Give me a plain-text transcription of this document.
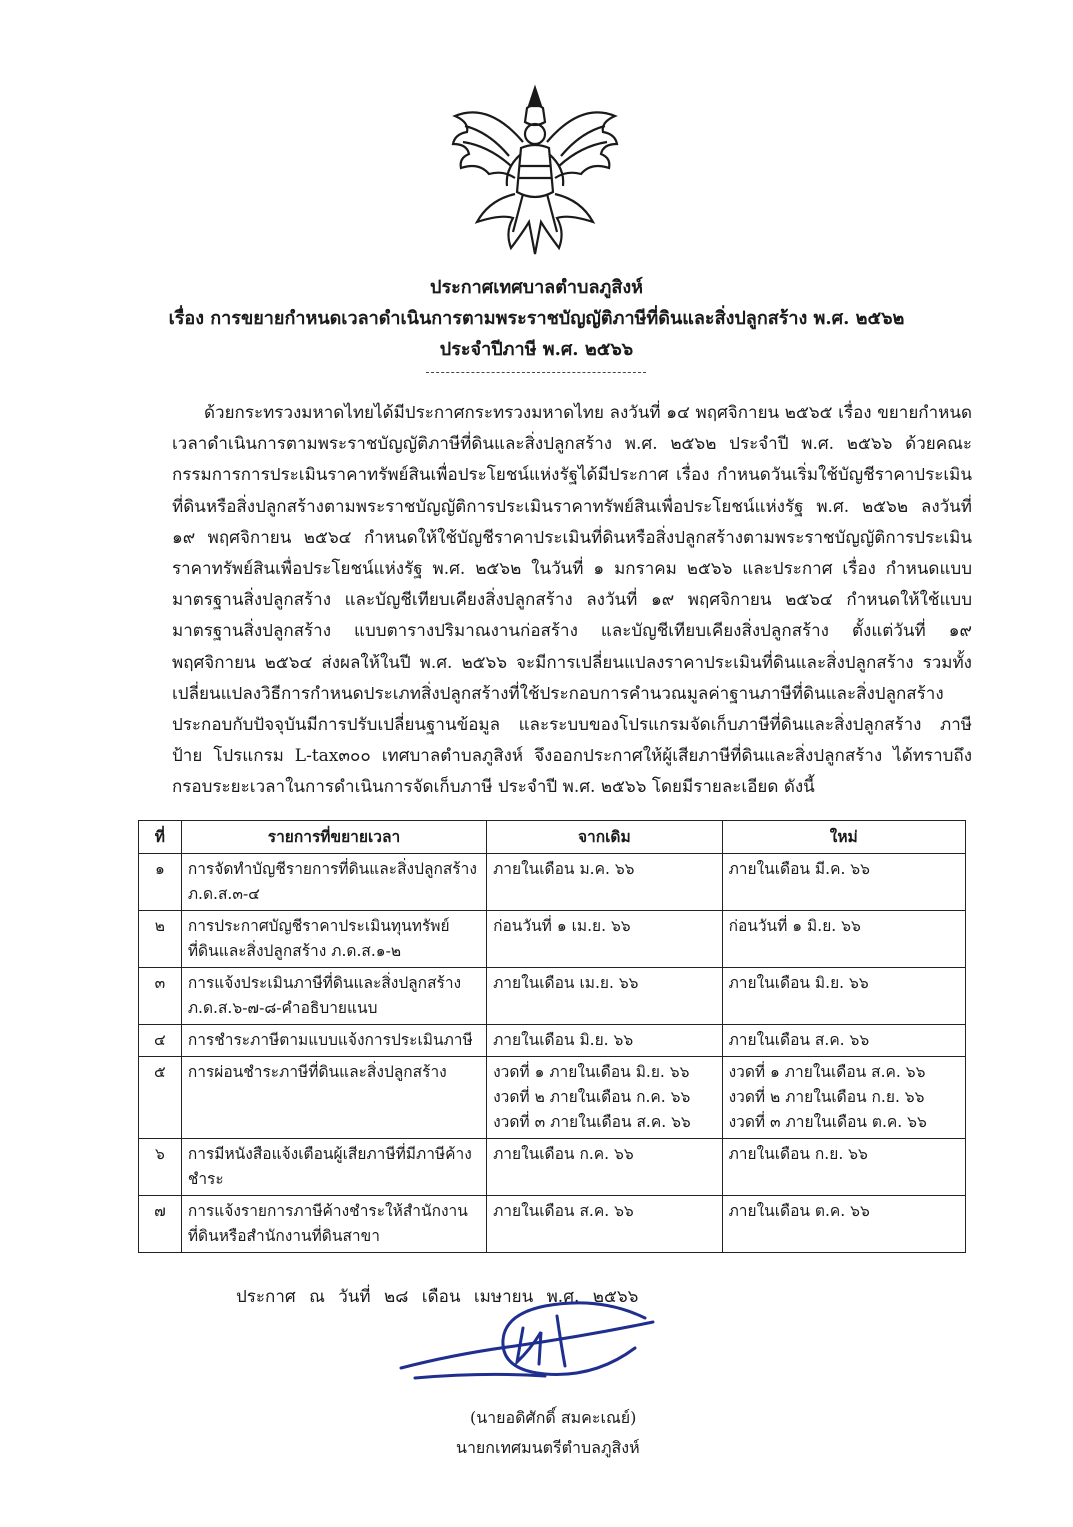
ประกาศเทศบาลตำบลภูสิงห์
เรื่อง การขยายกำหนดเวลาดำเนินการตามพระราชบัญญัติภาษีที่ดินและสิ่งปลูกสร้าง พ.ศ. ๒๕๖๒
ประจำปีภาษี พ.ศ. ๒๕๖๖
ด้วยกระทรวงมหาดไทยได้มีประกาศกระทรวงมหาดไทย ลงวันที่ ๑๔ พฤศจิกายน ๒๕๖๕ เรื่อง ขยายกำหนดเวลาดำเนินการตามพระราชบัญญัติภาษีที่ดินและสิ่งปลูกสร้าง พ.ศ. ๒๕๖๒ ประจำปี พ.ศ. ๒๕๖๖ ด้วยคณะกรรมการการประเมินราคาทรัพย์สินเพื่อประโยชน์แห่งรัฐได้มีประกาศ เรื่อง กำหนดวันเริ่มใช้บัญชีราคาประเมินที่ดินหรือสิ่งปลูกสร้างตามพระราชบัญญัติการประเมินราคาทรัพย์สินเพื่อประโยชน์แห่งรัฐ พ.ศ. ๒๕๖๒ ลงวันที่ ๑๙ พฤศจิกายน ๒๕๖๔ กำหนดให้ใช้บัญชีราคาประเมินที่ดินหรือสิ่งปลูกสร้างตามพระราชบัญญัติการประเมินราคาทรัพย์สินเพื่อประโยชน์แห่งรัฐ พ.ศ. ๒๕๖๒ ในวันที่ ๑ มกราคม ๒๕๖๖ และประกาศ เรื่อง กำหนดแบบมาตรฐานสิ่งปลูกสร้าง และบัญชีเทียบเคียงสิ่งปลูกสร้าง ลงวันที่ ๑๙ พฤศจิกายน ๒๕๖๔ กำหนดให้ใช้แบบมาตรฐานสิ่งปลูกสร้าง แบบตารางปริมาณงานก่อสร้าง และบัญชีเทียบเคียงสิ่งปลูกสร้าง ตั้งแต่วันที่ ๑๙ พฤศจิกายน ๒๕๖๔ ส่งผลให้ในปี พ.ศ. ๒๕๖๖ จะมีการเปลี่ยนแปลงราคาประเมินที่ดินและสิ่งปลูกสร้าง รวมทั้งเปลี่ยนแปลงวิธีการกำหนดประเภทสิ่งปลูกสร้างที่ใช้ประกอบการคำนวณมูลค่าฐานภาษีที่ดินและสิ่งปลูกสร้าง ประกอบกับปัจจุบันมีการปรับเปลี่ยนฐานข้อมูล และระบบของโปรแกรมจัดเก็บภาษีที่ดินและสิ่งปลูกสร้าง ภาษีป้าย โปรแกรม L-tax๓๐๐ เทศบาลตำบลภูสิงห์ จึงออกประกาศให้ผู้เสียภาษีที่ดินและสิ่งปลูกสร้าง ได้ทราบถึงกรอบระยะเวลาในการดำเนินการจัดเก็บภาษี ประจำปี พ.ศ. ๒๕๖๖ โดยมีรายละเอียด ดังนี้
ที่	รายการที่ขยายเวลา	จากเดิม	ใหม่
๑	การจัดทำบัญชีรายการที่ดินและสิ่งปลูกสร้าง ภ.ด.ส.๓-๔	ภายในเดือน ม.ค. ๖๖	ภายในเดือน มี.ค. ๖๖
๒	การประกาศบัญชีราคาประเมินทุนทรัพย์ที่ดินและสิ่งปลูกสร้าง ภ.ด.ส.๑-๒	ก่อนวันที่ ๑ เม.ย. ๖๖	ก่อนวันที่ ๑ มิ.ย. ๖๖
๓	การแจ้งประเมินภาษีที่ดินและสิ่งปลูกสร้าง ภ.ด.ส.๖-๗-๘-คำอธิบายแนบ	ภายในเดือน เม.ย. ๖๖	ภายในเดือน มิ.ย. ๖๖
๔	การชำระภาษีตามแบบแจ้งการประเมินภาษี	ภายในเดือน มิ.ย. ๖๖	ภายในเดือน ส.ค. ๖๖
๕	การผ่อนชำระภาษีที่ดินและสิ่งปลูกสร้าง	งวดที่ ๑ ภายในเดือน มิ.ย. ๖๖
งวดที่ ๒ ภายในเดือน ก.ค. ๖๖
งวดที่ ๓ ภายในเดือน ส.ค. ๖๖	งวดที่ ๑ ภายในเดือน ส.ค. ๖๖
งวดที่ ๒ ภายในเดือน ก.ย. ๖๖
งวดที่ ๓ ภายในเดือน ต.ค. ๖๖
๖	การมีหนังสือแจ้งเตือนผู้เสียภาษีที่มีภาษีค้างชำระ	ภายในเดือน ก.ค. ๖๖	ภายในเดือน ก.ย. ๖๖
๗	การแจ้งรายการภาษีค้างชำระให้สำนักงานที่ดินหรือสำนักงานที่ดินสาขา	ภายในเดือน ส.ค. ๖๖	ภายในเดือน ต.ค. ๖๖
ประกาศ ณ วันที่ ๒๘ เดือน เมษายน พ.ศ. ๒๕๖๖
(นายอดิศักดิ์ สมคะเณย์)
นายกเทศมนตรีตำบลภูสิงห์
